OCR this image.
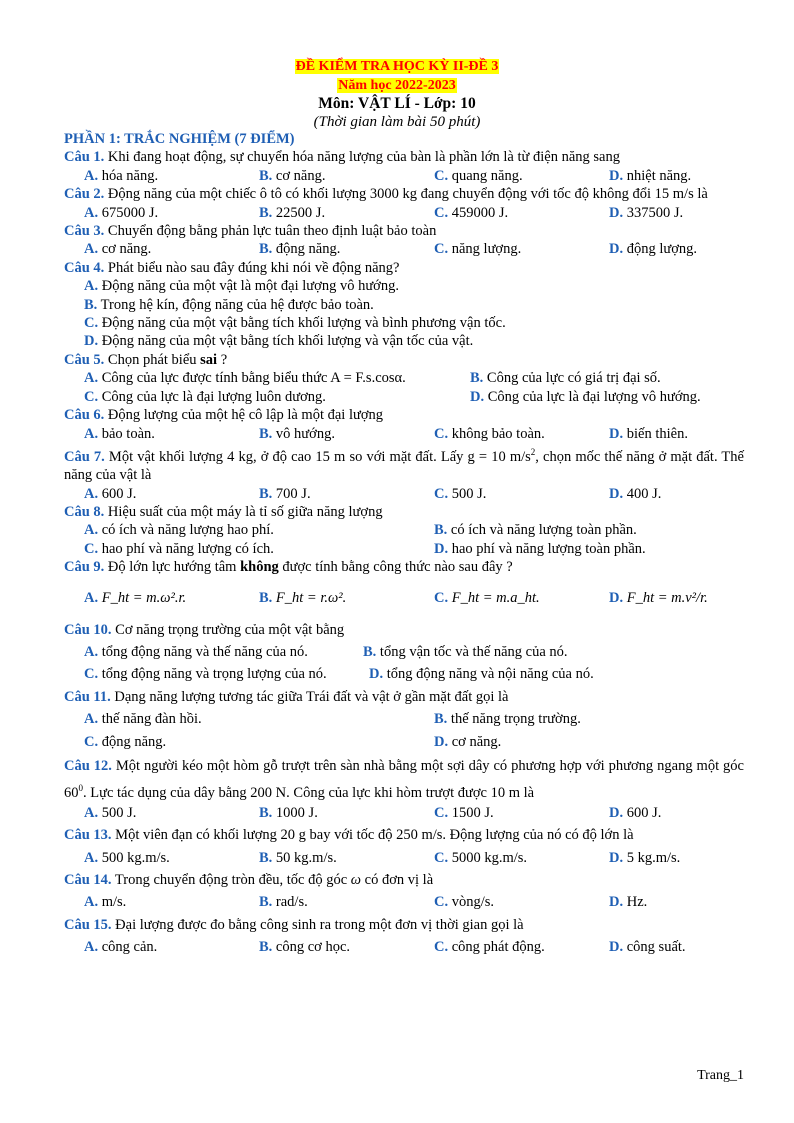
ĐỀ KIỂM TRA HỌC KỲ II-ĐỀ 3
Năm học 2022-2023
Môn: VẬT LÍ - Lớp: 10
(Thời gian làm bài 50 phút)
PHẦN 1: TRẮC NGHIỆM (7 ĐIỂM)
Câu 1. Khi đang hoạt động, sự chuyển hóa năng lượng của bàn là phần lớn là từ điện năng sang
A. hóa năng.	B. cơ năng.	C. quang năng.	D. nhiệt năng.
Câu 2. Động năng của một chiếc ô tô có khối lượng 3000 kg đang chuyển động với tốc độ không đổi 15 m/s là
A. 675000 J.	B. 22500 J.	C. 459000 J.	D. 337500 J.
Câu 3. Chuyển động bằng phản lực tuân theo định luật bảo toàn
A. cơ năng.	B. động năng.	C. năng lượng.	D. động lượng.
Câu 4. Phát biểu nào sau đây đúng khi nói về động năng?
A. Động năng của một vật là một đại lượng vô hướng.
B. Trong hệ kín, động năng của hệ được bảo toàn.
C. Động năng của một vật bằng tích khối lượng và bình phương vận tốc.
D. Động năng của một vật bằng tích khối lượng và vận tốc của vật.
Câu 5. Chọn phát biểu sai ?
A. Công của lực được tính bằng biểu thức A = F.s.cosα.	B. Công của lực có giá trị đại số.
C. Công của lực là đại lượng luôn dương.	D. Công của lực là đại lượng vô hướng.
Câu 6. Động lượng của một hệ cô lập là một đại lượng
A. bảo toàn.	B. vô hướng.	C. không bảo toàn.	D. biến thiên.
Câu 7. Một vật khối lượng 4 kg, ở độ cao 15 m so với mặt đất. Lấy g = 10 $m/s^2$, chọn mốc thế năng ở mặt đất. Thế năng của vật là
A. 600 J.	B. 700 J.	C. 500 J.	D. 400 J.
Câu 8. Hiệu suất của một máy là tỉ số giữa năng lượng
A. có ích và năng lượng hao phí.	B. có ích và năng lượng toàn phần.
C. hao phí và năng lượng có ích.	D. hao phí và năng lượng toàn phần.
Câu 9. Độ lớn lực hướng tâm không được tính bằng công thức nào sau đây ?
A. F_ht = m.ω².r.	B. F_ht = r.ω².	C. F_ht = m.a_ht.	D. F_ht = m.v²/r.
Câu 10. Cơ năng trọng trường của một vật bằng
A. tổng động năng và thế năng của nó.	B. tổng vận tốc và thế năng của nó.
C. tổng động năng và trọng lượng của nó.	D. tổng động năng và nội năng của nó.
Câu 11. Dạng năng lượng tương tác giữa Trái đất và vật ở gần mặt đất gọi là
A. thế năng đàn hồi.	B. thế năng trọng trường.
C. động năng.	D. cơ năng.
Câu 12. Một người kéo một hòm gỗ trượt trên sàn nhà bằng một sợi dây có phương hợp với phương ngang một góc $60^0$. Lực tác dụng của dây bằng 200 N. Công của lực khi hòm trượt được 10 m là
A. 500 J.	B. 1000 J.	C. 1500 J.	D. 600 J.
Câu 13. Một viên đạn có khối lượng 20 g bay với tốc độ 250 m/s. Động lượng của nó có độ lớn là
A. 500 kg.m/s.	B. 50 kg.m/s.	C. 5000 kg.m/s.	D. 5 kg.m/s.
Câu 14. Trong chuyển động tròn đều, tốc độ góc ω có đơn vị là
A. m/s.	B. rad/s.	C. vòng/s.	D. Hz.
Câu 15. Đại lượng được đo bằng công sinh ra trong một đơn vị thời gian gọi là
A. công cản.	B. công cơ học.	C. công phát động.	D. công suất.
Trang_1
